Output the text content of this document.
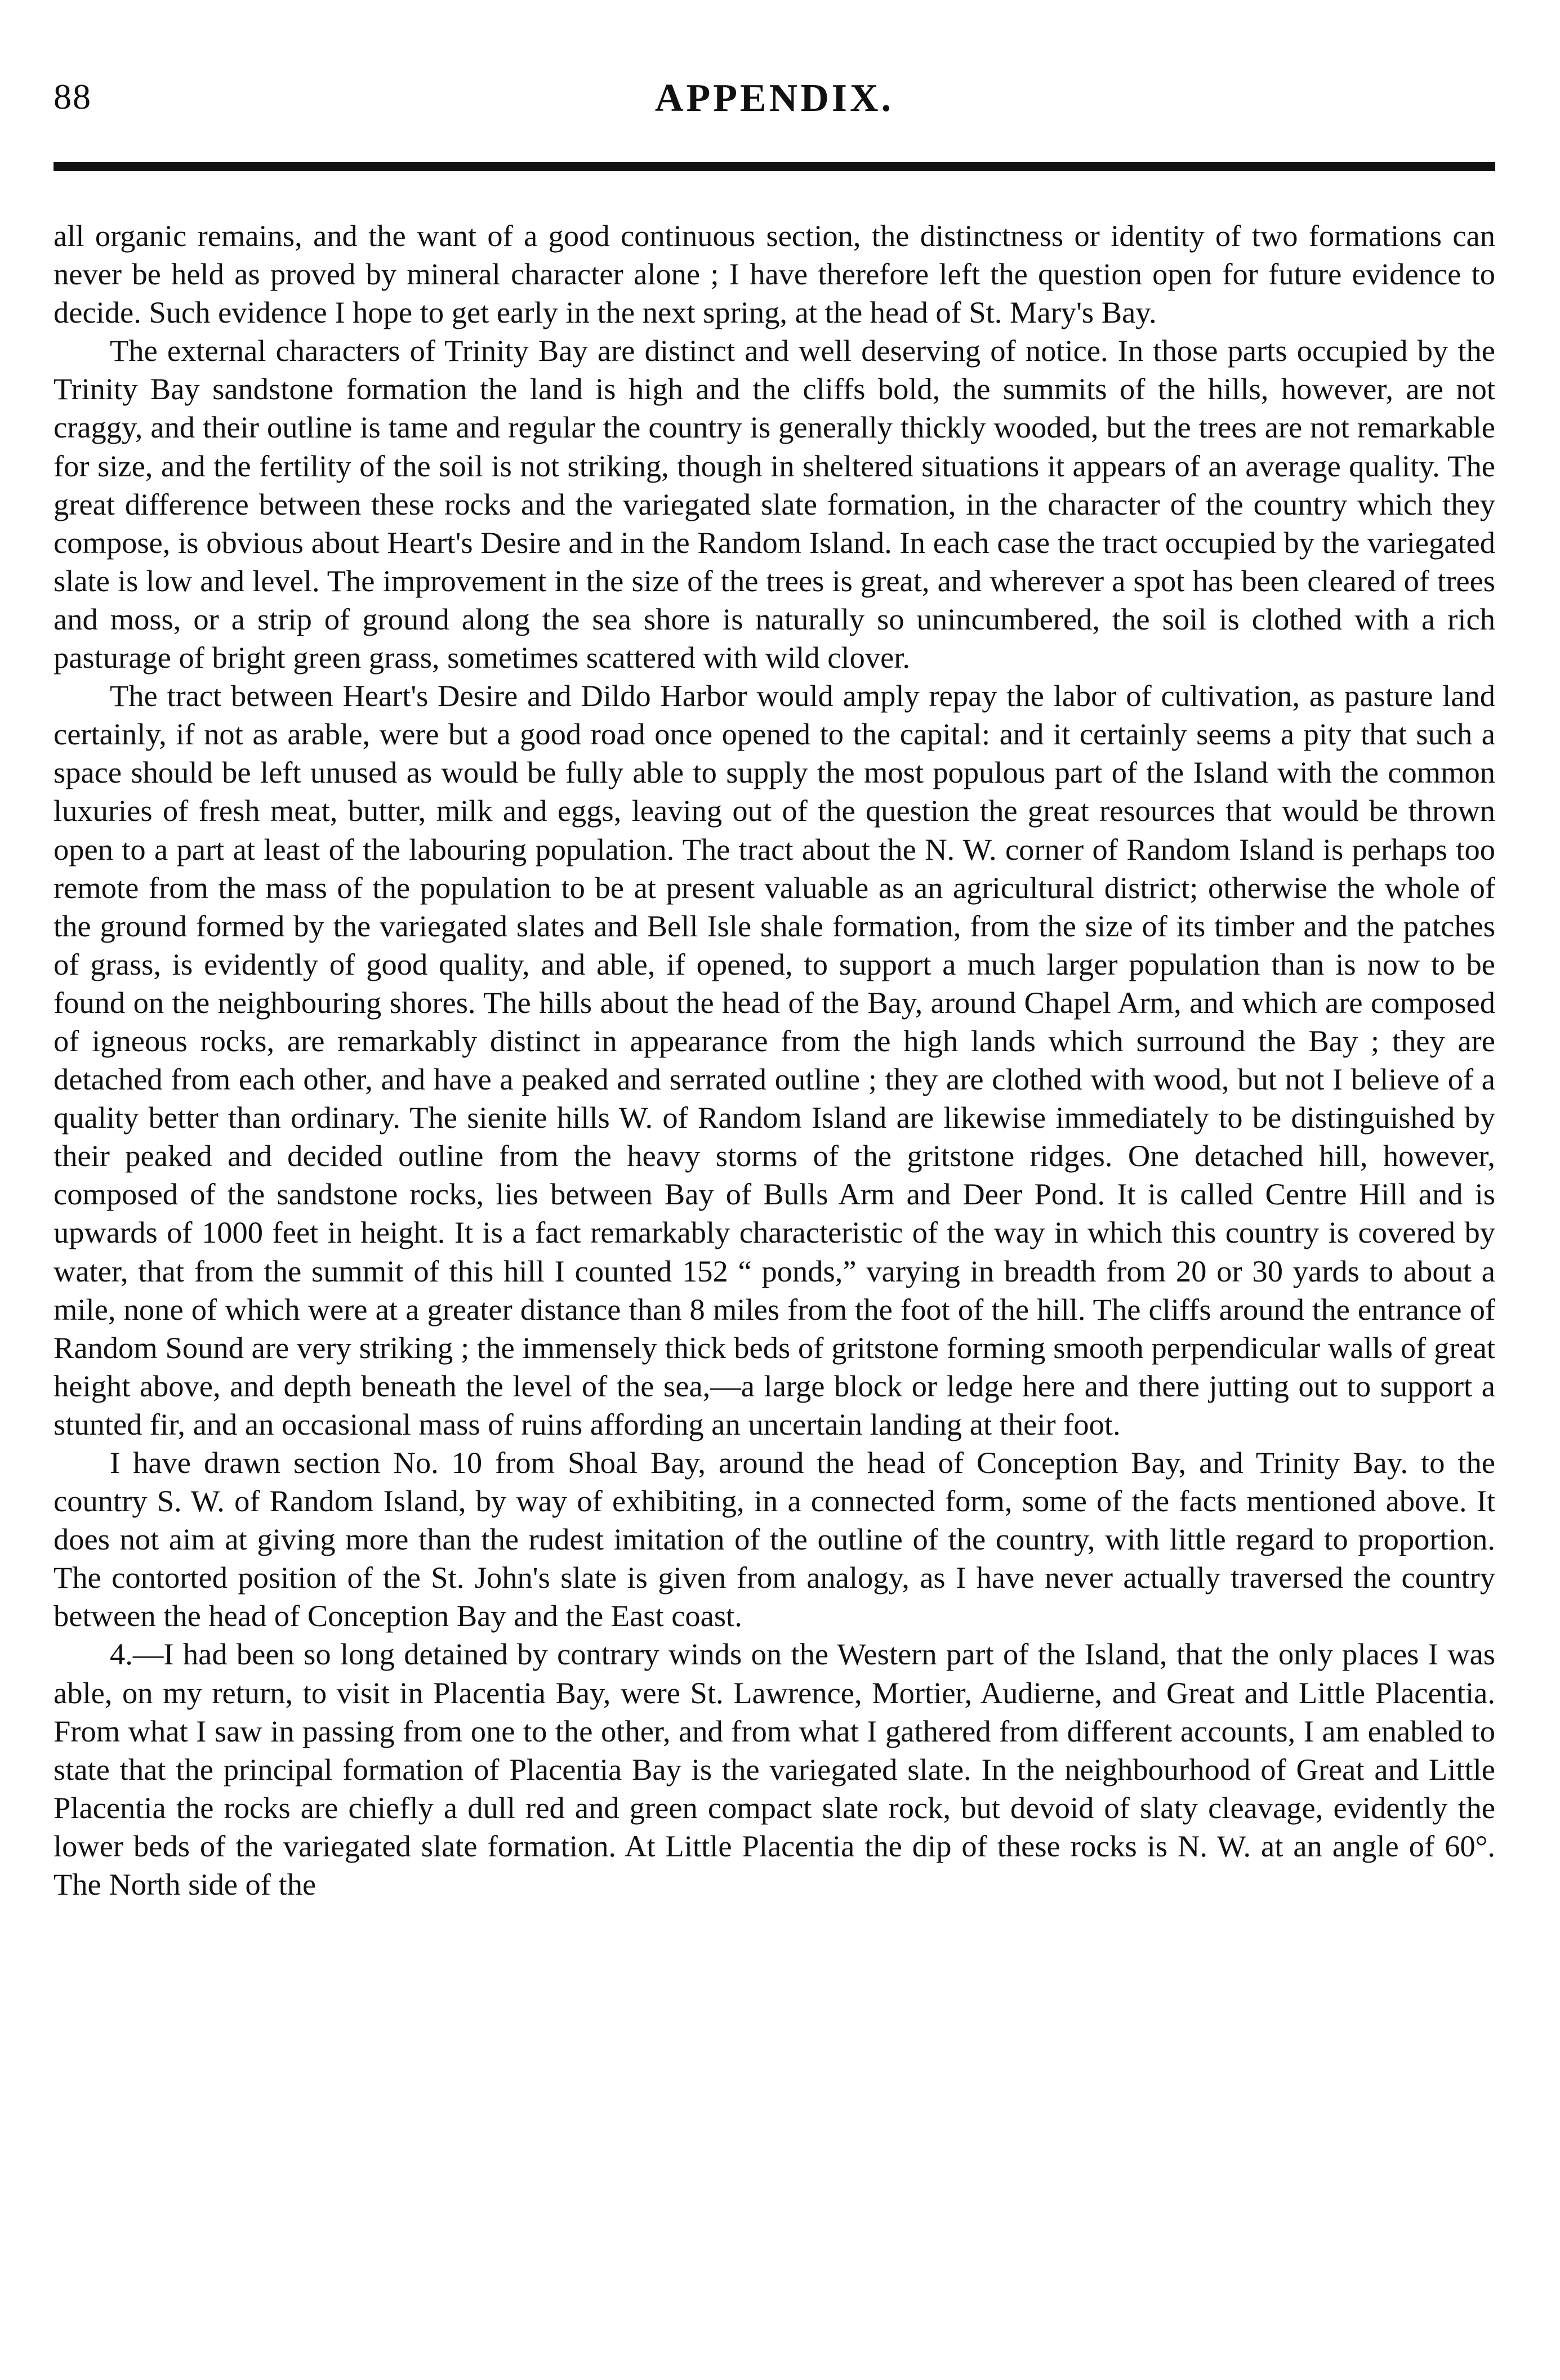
88	APPENDIX.

all organic remains, and the want of a good continuous section, the distinctness or identity of two formations can never be held as proved by mineral character alone ; I have therefore left the question open for future evidence to decide. Such evidence I hope to get early in the next spring, at the head of St. Mary's Bay.

The external characters of Trinity Bay are distinct and well deserving of notice. In those parts occupied by the Trinity Bay sandstone formation the land is high and the cliffs bold, the summits of the hills, however, are not craggy, and their outline is tame and regular the country is generally thickly wooded, but the trees are not remarkable for size, and the fertility of the soil is not striking, though in sheltered situations it appears of an average quality. The great difference between these rocks and the variegated slate formation, in the character of the country which they compose, is obvious about Heart's Desire and in the Random Island. In each case the tract occupied by the variegated slate is low and level. The improvement in the size of the trees is great, and wherever a spot has been cleared of trees and moss, or a strip of ground along the sea shore is naturally so unincumbered, the soil is clothed with a rich pasturage of bright green grass, sometimes scattered with wild clover.

The tract between Heart's Desire and Dildo Harbor would amply repay the labor of cultivation, as pasture land certainly, if not as arable, were but a good road once opened to the capital: and it certainly seems a pity that such a space should be left unused as would be fully able to supply the most populous part of the Island with the common luxuries of fresh meat, butter, milk and eggs, leaving out of the question the great resources that would be thrown open to a part at least of the labouring population. The tract about the N. W. corner of Random Island is perhaps too remote from the mass of the population to be at present valuable as an agricultural district; otherwise the whole of the ground formed by the variegated slates and Bell Isle shale formation, from the size of its timber and the patches of grass, is evidently of good quality, and able, if opened, to support a much larger population than is now to be found on the neighbouring shores. The hills about the head of the Bay, around Chapel Arm, and which are composed of igneous rocks, are remarkably distinct in appearance from the high lands which surround the Bay ; they are detached from each other, and have a peaked and serrated outline ; they are clothed with wood, but not I believe of a quality better than ordinary. The sienite hills W. of Random Island are likewise immediately to be distinguished by their peaked and decided outline from the heavy storms of the gritstone ridges. One detached hill, however, composed of the sandstone rocks, lies between Bay of Bulls Arm and Deer Pond. It is called Centre Hill and is upwards of 1000 feet in height. It is a fact remarkably characteristic of the way in which this country is covered by water, that from the summit of this hill I counted 152 “ ponds,” varying in breadth from 20 or 30 yards to about a mile, none of which were at a greater distance than 8 miles from the foot of the hill. The cliffs around the entrance of Random Sound are very striking ; the immensely thick beds of gritstone forming smooth perpendicular walls of great height above, and depth beneath the level of the sea,—a large block or ledge here and there jutting out to support a stunted fir, and an occasional mass of ruins affording an uncertain landing at their foot.

I have drawn section No. 10 from Shoal Bay, around the head of Conception Bay, and Trinity Bay. to the country S. W. of Random Island, by way of exhibiting, in a connected form, some of the facts mentioned above. It does not aim at giving more than the rudest imitation of the outline of the country, with little regard to proportion. The contorted position of the St. John's slate is given from analogy, as I have never actually traversed the country between the head of Conception Bay and the East coast.

4.—I had been so long detained by contrary winds on the Western part of the Island, that the only places I was able, on my return, to visit in Placentia Bay, were St. Lawrence, Mortier, Audierne, and Great and Little Placentia. From what I saw in passing from one to the other, and from what I gathered from different accounts, I am enabled to state that the principal formation of Placentia Bay is the variegated slate. In the neighbourhood of Great and Little Placentia the rocks are chiefly a dull red and green compact slate rock, but devoid of slaty cleavage, evidently the lower beds of the variegated slate formation. At Little Placentia the dip of these rocks is N. W. at an angle of 60°. The North side of the
